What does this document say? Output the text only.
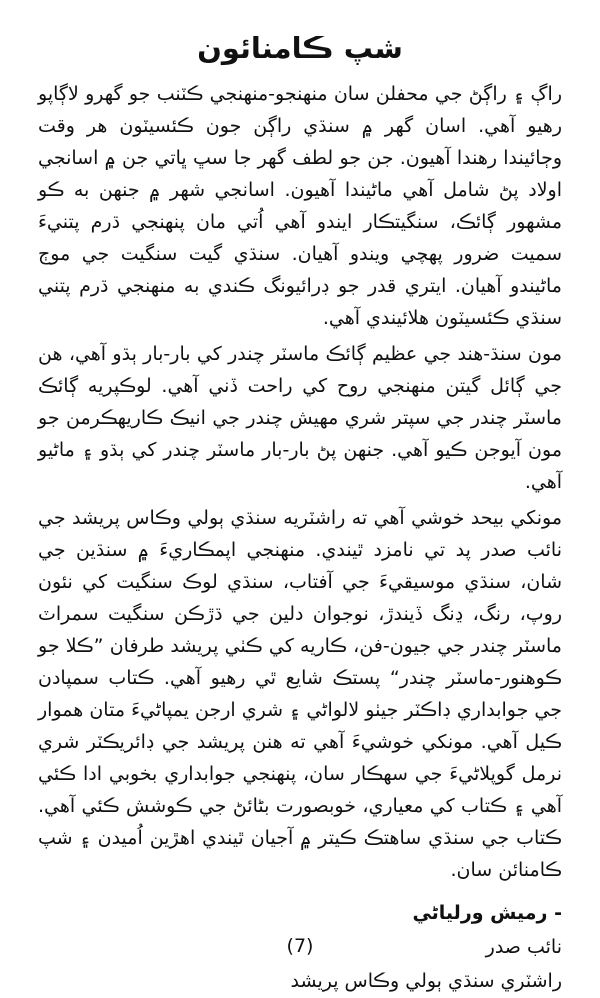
شپ ڪامنائون

راڳ ۽ راڳڻ جي محفلن سان منهنجو-منهنجي ڪٽنب جو گهرو لاڳاپو رهيو آهي. اسان گهر ۾ سنڌي راڳن جون ڪئسيٽون هر وقت وڄائيندا رهندا آهيون. جن جو لطف گهر جا سڀ ڀاتي جن ۾ اسانجي اولاد پڻ شامل آهي ماڻيندا آهيون. اسانجي شهر ۾ جنهن به ڪو مشهور ڳائڪ، سنگيتڪار ايندو آهي اُتي مان پنهنجي ڌرم پتنيءَ سميت ضرور پهچي ويندو آهيان. سنڌي گيت سنگيت جي موڄ ماڻيندو آهيان. ايتري قدر جو ڊرائيونگ ڪندي به منهنجي ڌرم پتني سنڌي ڪئسيٽون هلائيندي آهي.

مون سنڌ-هند جي عظيم ڳائڪ ماسٽر چندر کي بار-بار ٻڌو آهي، هن جي ڳائل گيتن منهنجي روح کي راحت ڏني آهي. لوڪپريه ڳائڪ ماسٽر چندر جي سپتر شري مهيش چندر جي انيڪ ڪاريهڪرمن جو مون آيوجن ڪيو آهي. جنهن پڻ بار-بار ماسٽر چندر کي ٻڌو ۽ ماڻيو آهي.

مونکي بيحد خوشي آهي ته راشٽريه سنڌي ٻولي وڪاس پريشد جي نائب صدر پد تي نامزد ٿيندي. منهنجي اپمڪاريءَ ۾ سنڌين جي شان، سنڌي موسيقيءَ جي آفتاب، سنڌي لوڪ سنگيت کي نئون روپ، رنگ، ڍنگ ڏيندڙ، نوجوان دلين جي ڌڙڪن سنگيت سمراٽ ماسٽر چندر جي جيون-فن، ڪاريه کي ڪٺي پريشد طرفان ”ڪلا جو ڪوهنور-ماسٽر چندر“ پستڪ شايع ٿي رهيو آهي. ڪتاب سمپادن جي جوابداري ڊاڪٽر جيٺو لالواڻي ۽ شري ارجن يمپاڻيءَ متان هموار ڪيل آهي. مونکي خوشيءَ آهي ته هنن پريشد جي ڊائريڪٽر شري نرمل گوپلاڻيءَ جي سهڪار سان، پنهنجي جوابداري بخوبي ادا ڪئي آهي ۽ ڪتاب کي معياري، خوبصورت بڻائڻ جي ڪوشش ڪئي آهي. ڪتاب جي سنڌي ساهتڪ ڪيتر ۾ آجيان ٿيندي اهڙين اُميدن ۽ شپ ڪامنائن سان.

- رميش ورلياڻي
نائب صدر
راشٽري سنڌي ٻولي وڪاس پريشد
(7)
